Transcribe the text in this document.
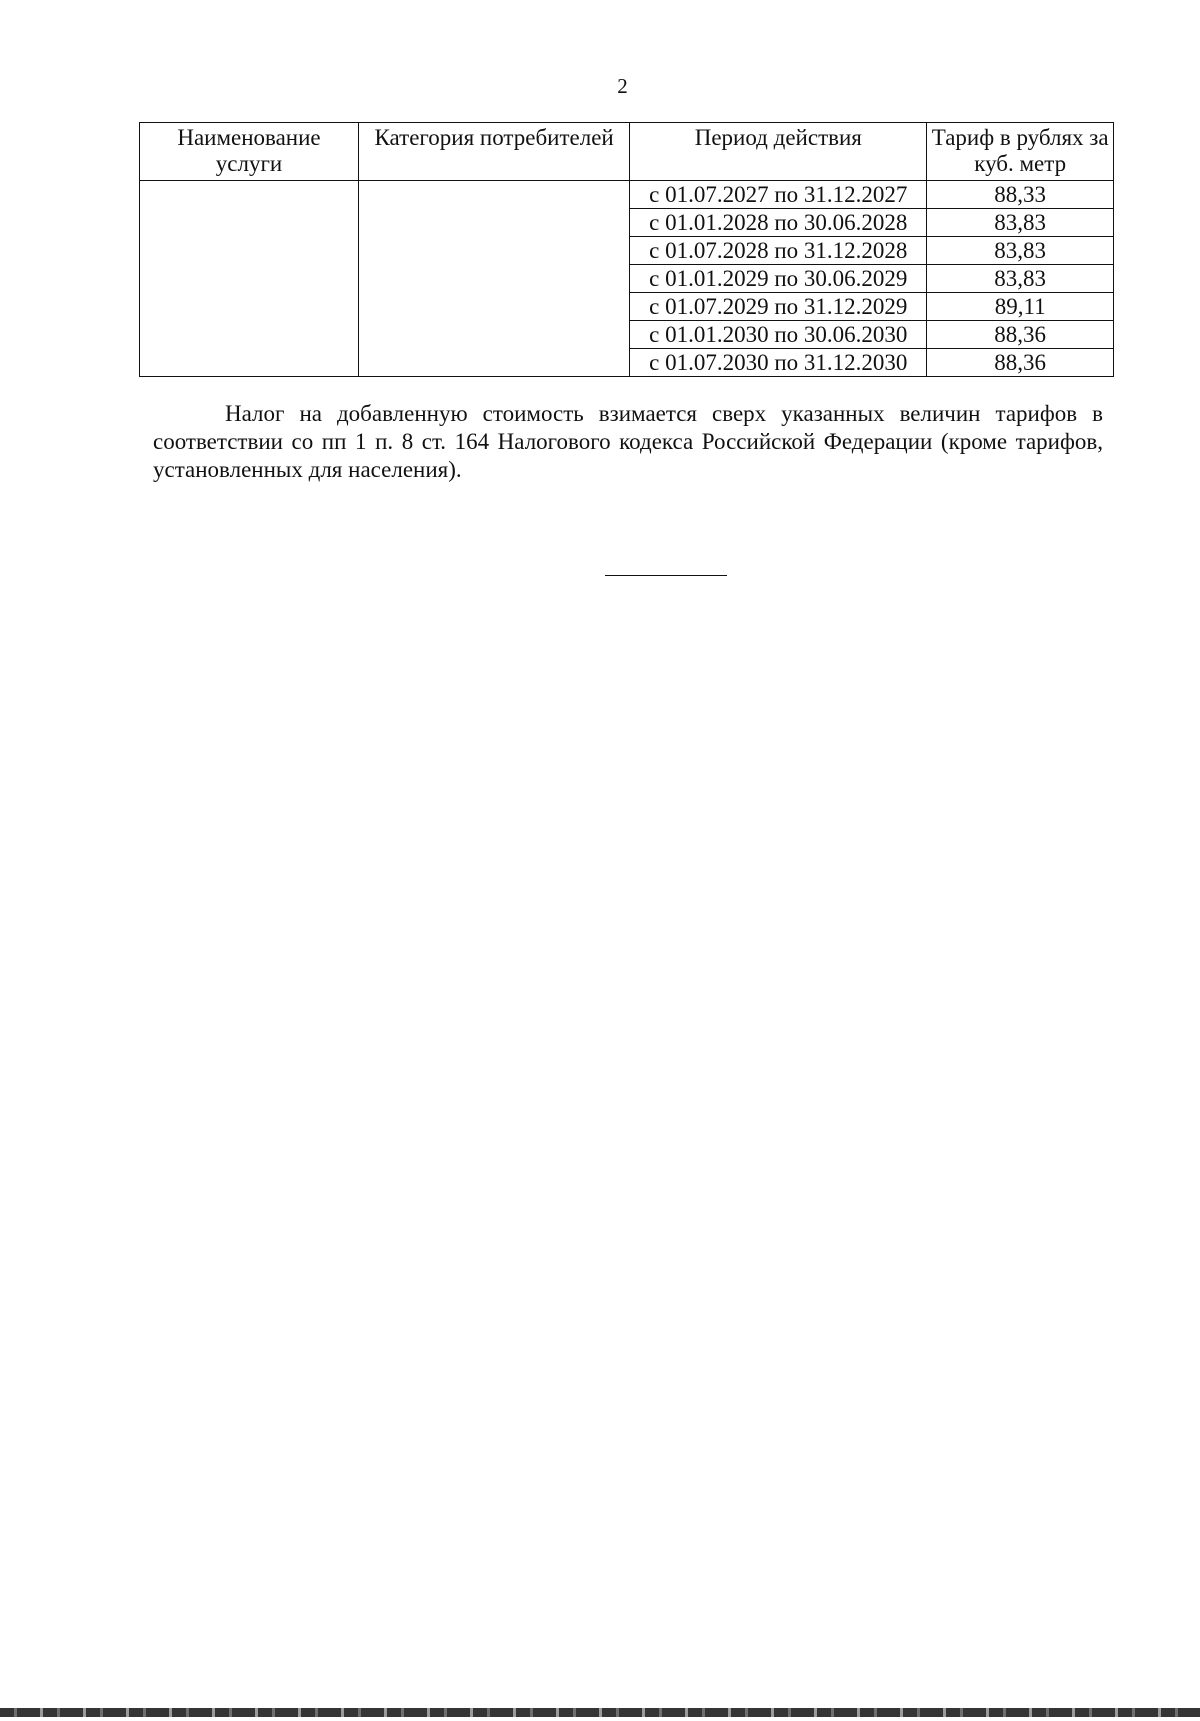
2
Наименование услуги	Категория потребителей	Период действия	Тариф в рублях за куб. метр
		с 01.07.2027 по 31.12.2027	88,33
		с 01.01.2028 по 30.06.2028	83,83
		с 01.07.2028 по 31.12.2028	83,83
		с 01.01.2029 по 30.06.2029	83,83
		с 01.07.2029 по 31.12.2029	89,11
		с 01.01.2030 по 30.06.2030	88,36
		с 01.07.2030 по 31.12.2030	88,36

Налог на добавленную стоимость взимается сверх указанных величин тарифов в соответствии со пп 1 п. 8 ст. 164 Налогового кодекса Российской Федерации (кроме тарифов, установленных для населения).
